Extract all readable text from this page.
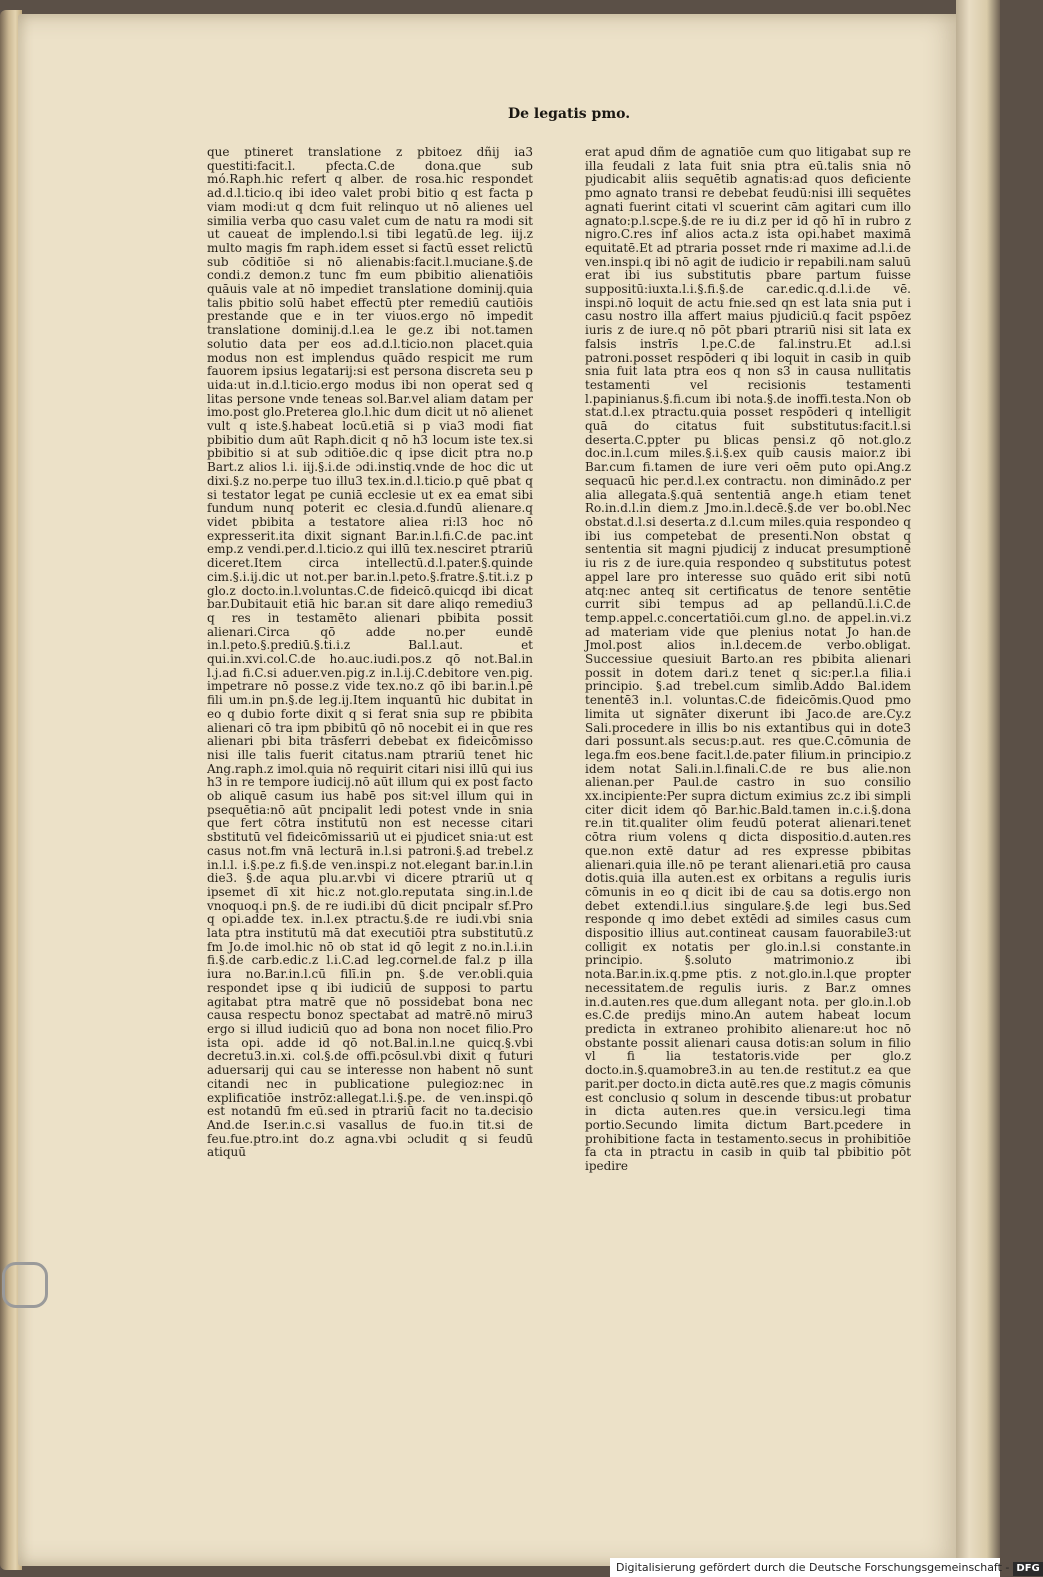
De legatis pmo.

que ptineret translatione z pbitoez dñij ia3 questiti:facit.l. pfecta.C.de dona.que sub mó.Raph.hic refert q alber. de rosa.hic respondet ad.d.l.ticio.q ibi ideo valet probi bitio q est facta p viam modi:ut q dcm fuit relinquo ut nō alienes uel similia verba quo casu valet cum de natu ra modi sit ut caueat de implendo.l.si tibi legatū.de leg. iij.z multo magis fm raph.idem esset si factū esset relictū sub cōditiōe si nō alienabis:facit.l.muciane.§.de condi.z demon.z tunc fm eum pbibitio alienatiōis quāuis vale at nō impediet translatione dominij.quia talis pbitio solū habet effectū pter remediū cautiōis prestande que e in ter viuos.ergo nō impedit translatione dominij.d.l.ea le ge.z ibi not.tamen solutio data per eos ad.d.l.ticio.non placet.quia modus non est implendus quādo respicit me rum fauorem ipsius legatarij:si est persona discreta seu p uida:ut in.d.l.ticio.ergo modus ibi non operat sed q litas persone vnde teneas sol.Bar.vel aliam datam per imo.post glo.Preterea glo.l.hic dum dicit ut nō alienet vult q iste.§.habeat locū.etiā si p via3 modi fiat pbibitio dum aūt Raph.dicit q nō h3 locum iste tex.si pbibitio si at sub ɔditiōe.dic q ipse dicit ptra no.p Bart.z alios l.i. iij.§.i.de ɔdi.instiq.vnde de hoc dic ut dixi.§.z no.perpe tuo illu3 tex.in.d.l.ticio.p quē pbat q si testator legat pe cuniā ecclesie ut ex ea emat sibi fundum nunq poterit ec clesia.d.fundū alienare.q videt pbibita a testatore aliea ri:l3 hoc nō expresserit.ita dixit signant Bar.in.l.fi.C.de pac.int emp.z vendi.per.d.l.ticio.z qui illū tex.nesciret ptrariū diceret.Item circa intellectū.d.l.pater.§.quinde cim.§.i.ij.dic ut not.per bar.in.l.peto.§.fratre.§.tit.i.z p glo.z docto.in.l.voluntas.C.de fideicō.quicqd ibi dicat bar.Dubitauit etiā hic bar.an sit dare aliqo remediu3 q res in testamēto alienari pbibita possit alienari.Circa qō adde no.per eundē in.l.peto.§.prediū.§.ti.i.z Bal.l.aut. et qui.in.xvi.col.C.de ho.auc.iudi.pos.z qō not.Bal.in l.j.ad fi.C.si aduer.ven.pig.z in.l.ij.C.debitore ven.pig. impetrare nō posse.z vide tex.no.z qō ibi bar.in.l.pē fili um.in pn.§.de leg.ij.Item inquantū hic dubitat in eo q dubio forte dixit q si ferat snia sup re pbibita alienari cō tra ipm pbibitū qō nō nocebit ei in que res alienari pbi bita trāsferri debebat ex fideicōmisso nisi ille talis fuerit citatus.nam ptrariū tenet hic Ang.raph.z imol.quia nō requirit citari nisi illū qui ius h3 in re tempore iudicij.nō aūt illum qui ex post facto ob aliquē casum ius habē pos sit:vel illum qui in psequētia:nō aūt pncipalit ledi potest vnde in snia que fert cōtra institutū non est necesse citari sbstitutū vel fideicōmissariū ut ei pjudicet snia:ut est casus not.fm vnā lecturā in.l.si patroni.§.ad trebel.z in.l.l. i.§.pe.z fi.§.de ven.inspi.z not.elegant bar.in.l.in die3. §.de aqua plu.ar.vbi vi dicere ptrariū ut q ipsemet dī xit hic.z not.glo.reputata sing.in.l.de vnoquoq.i pn.§. de re iudi.ibi dū dicit pncipalr sf.Pro q opi.adde tex. in.l.ex ptractu.§.de re iudi.vbi snia lata ptra institutū mā dat executiōi ptra substitutū.z fm Jo.de imol.hic nō ob stat id qō legit z no.in.l.i.in fi.§.de carb.edic.z l.i.C.ad leg.cornel.de fal.z p illa iura no.Bar.in.l.cū filī.in pn. §.de ver.obli.quia respondet ipse q ibi iudiciū de supposi to partu agitabat ptra matrē que nō possidebat bona nec causa respectu bonoz spectabat ad matrē.nō miru3 ergo si illud iudiciū quo ad bona non nocet filio.Pro ista opi. adde id qō not.Bal.in.l.ne quicq.§.vbi decretu3.in.xi. col.§.de offi.pcōsul.vbi dixit q futuri aduersarij qui cau se interesse non habent nō sunt citandi nec in publicatione pulegioz:nec in explificatiōe instrōz:allegat.l.i.§.pe. de ven.inspi.qō est notandū fm eū.sed in ptrariū facit no ta.decisio And.de Iser.in.c.si vasallus de fuo.in tit.si de feu.fue.ptro.int do.z agna.vbi ɔcludit q si feudū atiquū

erat apud dñm de agnatiōe cum quo litigabat sup re illa feudali z lata fuit snia ptra eū.talis snia nō pjudicabit aliis sequētib agnatis:ad quos deficiente pmo agnato transi re debebat feudū:nisi illi sequētes agnati fuerint citati vl scuerint cām agitari cum illo agnato:p.l.scpe.§.de re iu di.z per id qō hī in rubro z nigro.C.res inf alios acta.z ista opi.habet maximā equitatē.Et ad ptraria posset rnde ri maxime ad.l.i.de ven.inspi.q ibi nō agit de iudicio ir repabili.nam saluū erat ibi ius substitutis pbare partum fuisse suppositū:iuxta.l.i.§.fi.§.de car.edic.q.d.l.i.de vē. inspi.nō loquit de actu fnie.sed qn est lata snia put i casu nostro illa affert maius pjudiciū.q facit pspōez iuris z de iure.q nō pōt pbari ptrariū nisi sit lata ex falsis instrīs l.pe.C.de fal.instru.Et ad.l.si patroni.posset respōderi q ibi loquit in casib in quib snia fuit lata ptra eos q non s3 in causa nullitatis testamenti vel recisionis testamenti l.papinianus.§.fi.cum ibi nota.§.de inoffi.testa.Non ob stat.d.l.ex ptractu.quia posset respōderi q intelligit quā do citatus fuit substitutus:facit.l.si deserta.C.ppter pu blicas pensi.z qō not.glo.z doc.in.l.cum miles.§.i.§.ex quib causis maior.z ibi Bar.cum fi.tamen de iure veri oēm puto opi.Ang.z sequacū hic per.d.l.ex contractu. non diminādo.z per alia allegata.§.quā sententiā ange.h etiam tenet Ro.in.d.l.in diem.z Jmo.in.l.decē.§.de ver bo.obl.Nec obstat.d.l.si deserta.z d.l.cum miles.quia respondeo q ibi ius competebat de presenti.Non obstat q sententia sit magni pjudicij z inducat presumptionē iu ris z de iure.quia respondeo q substitutus potest appel lare pro interesse suo quādo erit sibi notū atq:nec anteq sit certificatus de tenore sentētie currit sibi tempus ad ap pellandū.l.i.C.de temp.appel.c.concertatiōi.cum gl.no. de appel.in.vi.z ad materiam vide que plenius notat Jo han.de Jmol.post alios in.l.decem.de verbo.obligat. Successiue quesiuit Barto.an res pbibita alienari possit in dotem dari.z tenet q sic:per.l.a filia.i principio. §.ad trebel.cum simlib.Addo Bal.idem tenentē3 in.l. voluntas.C.de fideicōmis.Quod pmo limita ut signāter dixerunt ibi Jaco.de are.Cy.z Sali.procedere in illis bo nis extantibus qui in dote3 dari possunt.als secus:p.aut. res que.C.cōmunia de lega.fm eos.bene facit.l.de.pater filium.in principio.z idem notat Sali.in.l.finali.C.de re bus alie.non alienan.per Paul.de castro in suo consilio xx.incipiente:Per supra dictum eximius zc.z ibi simpli citer dicit idem qō Bar.hic.Bald.tamen in.c.i.§.dona re.in tit.qualiter olim feudū poterat alienari.tenet cōtra rium volens q dicta dispositio.d.auten.res que.non extē datur ad res expresse pbibitas alienari.quia ille.nō pe terant alienari.etiā pro causa dotis.quia illa auten.est ex orbitans a regulis iuris cōmunis in eo q dicit ibi de cau sa dotis.ergo non debet extendi.l.ius singulare.§.de legi bus.Sed responde q imo debet extēdi ad similes casus cum dispositio illius aut.contineat causam fauorabile3:ut colligit ex notatis per glo.in.l.si constante.in principio. §.soluto matrimonio.z ibi nota.Bar.in.ix.q.pme ptis. z not.glo.in.l.que propter necessitatem.de regulis iuris. z Bar.z omnes in.d.auten.res que.dum allegant nota. per glo.in.l.ob es.C.de predijs mino.An autem habeat locum predicta in extraneo prohibito alienare:ut hoc nō obstante possit alienari causa dotis:an solum in filio vl fi lia testatoris.vide per glo.z docto.in.§.quamobre3.in au ten.de restitut.z ea que parit.per docto.in dicta autē.res que.z magis cōmunis est conclusio q solum in descende tibus:ut probatur in dicta auten.res que.in versicu.legi tima portio.Secundo limita dictum Bart.pcedere in prohibitione facta in testamento.secus in prohibitiōe fa cta in ptractu in casib in quib tal pbibitio pōt ipedire

Digitalisierung gefördert durch die Deutsche Forschungsgemeinschaft - DFG
